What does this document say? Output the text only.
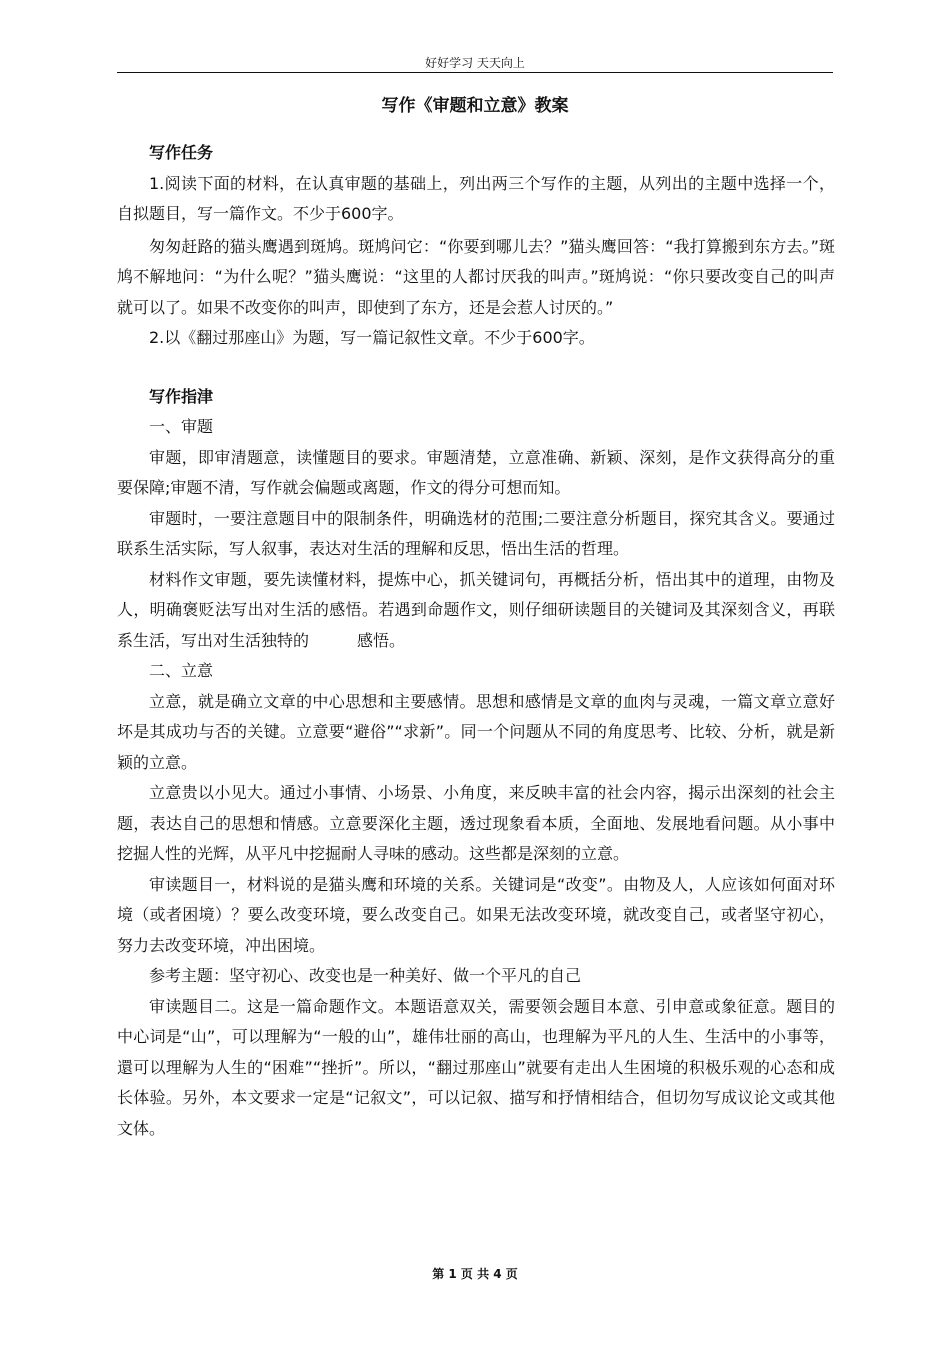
好好学习 天天向上
写作《审题和立意》教案
写作任务

1.阅读下面的材料，在认真审题的基础上，列出两三个写作的主题，从列出的主题中选择一个，自拟题目，写一篇作文。不少于600字。

匆匆赶路的猫头鹰遇到斑鸠。斑鸠问它：“你要到哪儿去？”猫头鹰回答：“我打算搬到东方去。”斑鸠不解地问：“为什么呢？”猫头鹰说：“这里的人都讨厌我的叫声。”斑鸠说：“你只要改变自己的叫声就可以了。如果不改变你的叫声，即使到了东方，还是会惹人讨厌的。”

2.以《翻过那座山》为题，写一篇记叙性文章。不少于600字。

写作指津

一、审题

审题，即审清题意，读懂题目的要求。审题清楚，立意准确、新颖、深刻，是作文获得高分的重要保障;审题不清，写作就会偏题或离题，作文的得分可想而知。

审题时，一要注意题目中的限制条件，明确选材的范围;二要注意分析题目，探究其含义。要通过联系生活实际，写人叙事，表达对生活的理解和反思，悟出生活的哲理。

材料作文审题，要先读懂材料，提炼中心，抓关键词句，再概括分析，悟出其中的道理，由物及人，明确褒贬法写出对生活的感悟。若遇到命题作文，则仔细研读题目的关键词及其深刻含义，再联系生活，写出对生活独特的　　　感悟。

二、立意

立意，就是确立文章的中心思想和主要感情。思想和感情是文章的血肉与灵魂，一篇文章立意好坏是其成功与否的关键。立意要“避俗”“求新”。同一个问题从不同的角度思考、比较、分析，就是新颖的立意。

立意贵以小见大。通过小事情、小场景、小角度，来反映丰富的社会内容，揭示出深刻的社会主题，表达自己的思想和情感。立意要深化主题，透过现象看本质，全面地、发展地看问题。从小事中挖掘人性的光辉，从平凡中挖掘耐人寻味的感动。这些都是深刻的立意。

审读题目一，材料说的是猫头鹰和环境的关系。关键词是“改变”。由物及人，人应该如何面对环境（或者困境）？要么改变环境，要么改变自己。如果无法改变环境，就改变自己，或者坚守初心，努力去改变环境，冲出困境。

参考主题：坚守初心、改变也是一种美好、做一个平凡的自己

审读题目二。这是一篇命题作文。本题语意双关，需要领会题目本意、引申意或象征意。题目的中心词是“山”，可以理解为“一般的山”，雄伟壮丽的高山，也理解为平凡的人生、生活中的小事等，還可以理解为人生的“困难”“挫折”。所以，“翻过那座山”就要有走出人生困境的积极乐观的心态和成长体验。另外，本文要求一定是“记叙文”，可以记叙、描写和抒情相结合，但切勿写成议论文或其他文体。

第 1 页 共 4 页
